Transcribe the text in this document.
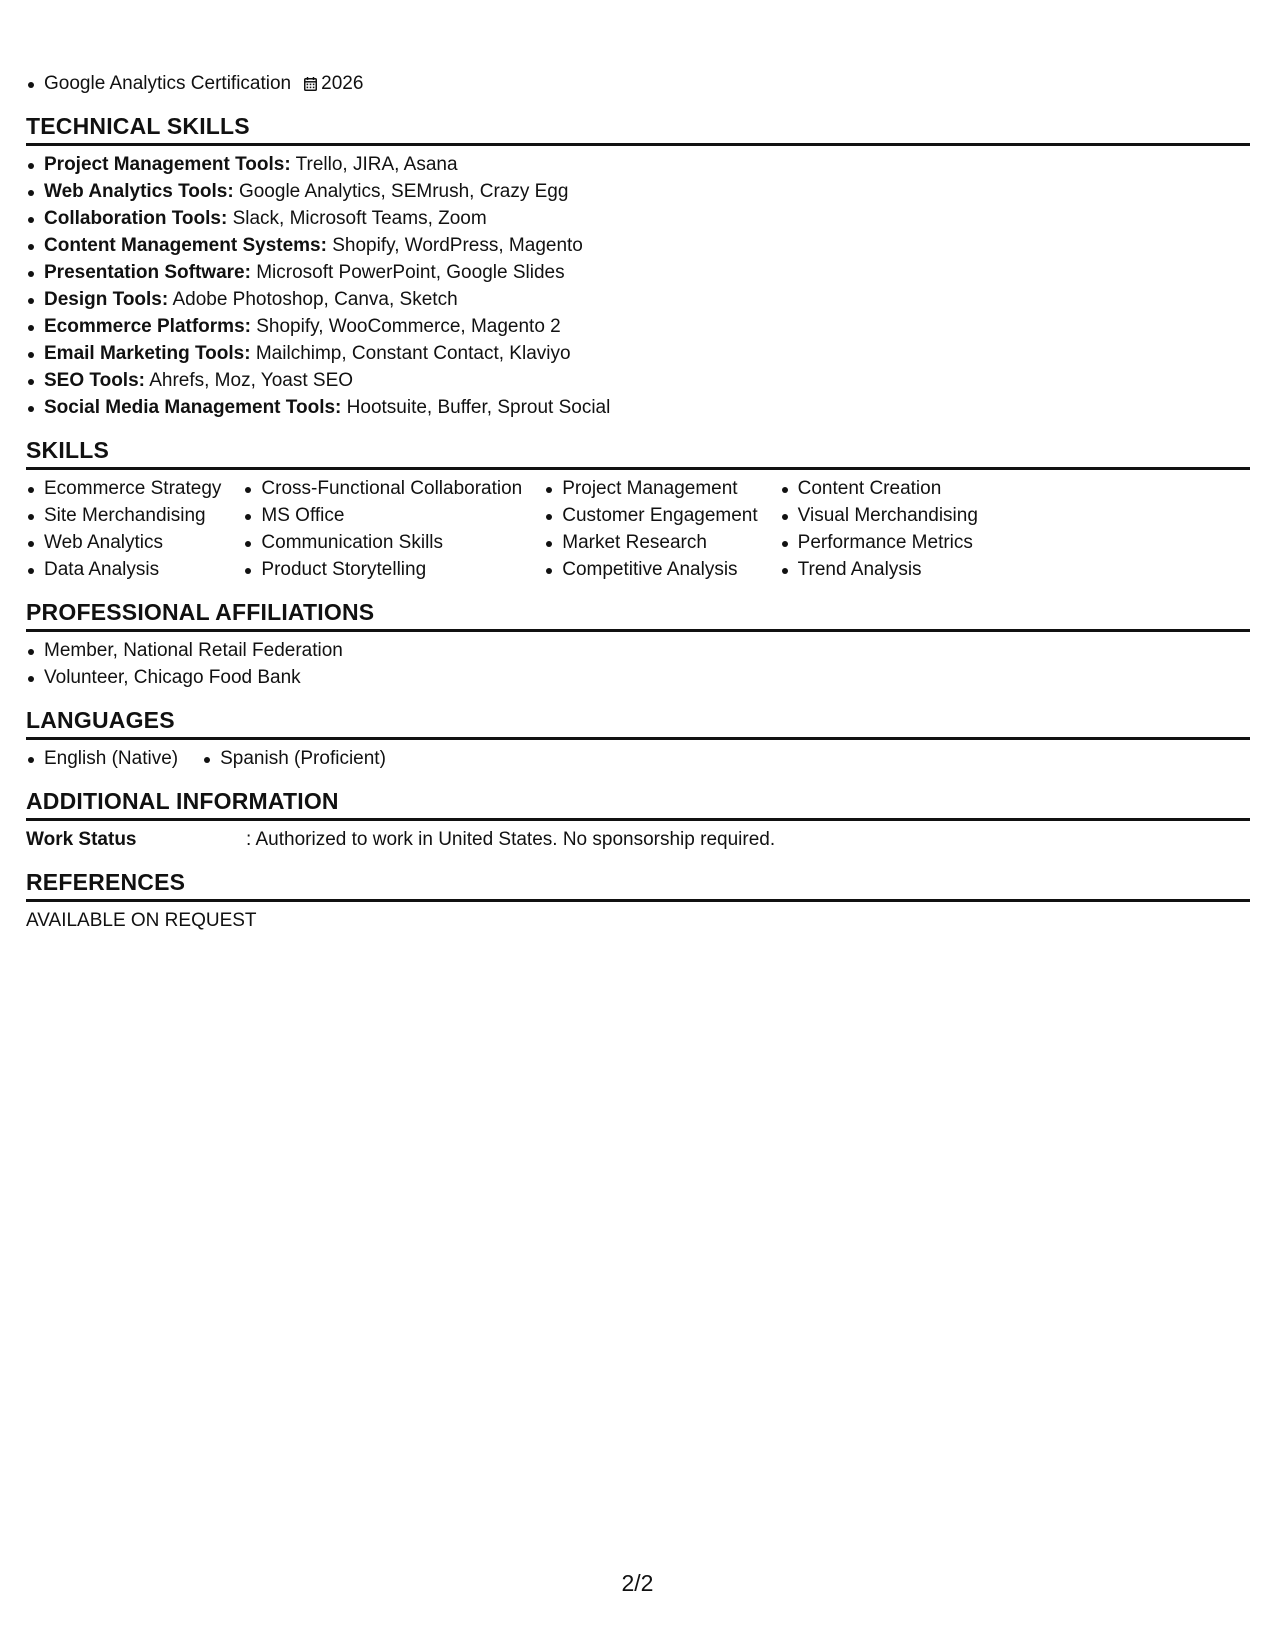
Google Analytics Certification 2026
TECHNICAL SKILLS
Project Management Tools: Trello, JIRA, Asana
Web Analytics Tools: Google Analytics, SEMrush, Crazy Egg
Collaboration Tools: Slack, Microsoft Teams, Zoom
Content Management Systems: Shopify, WordPress, Magento
Presentation Software: Microsoft PowerPoint, Google Slides
Design Tools: Adobe Photoshop, Canva, Sketch
Ecommerce Platforms: Shopify, WooCommerce, Magento 2
Email Marketing Tools: Mailchimp, Constant Contact, Klaviyo
SEO Tools: Ahrefs, Moz, Yoast SEO
Social Media Management Tools: Hootsuite, Buffer, Sprout Social
SKILLS
Ecommerce Strategy
Site Merchandising
Web Analytics
Data Analysis
Cross-Functional Collaboration
MS Office
Communication Skills
Product Storytelling
Project Management
Customer Engagement
Market Research
Competitive Analysis
Content Creation
Visual Merchandising
Performance Metrics
Trend Analysis
PROFESSIONAL AFFILIATIONS
Member, National Retail Federation
Volunteer, Chicago Food Bank
LANGUAGES
English (Native)	Spanish (Proficient)
ADDITIONAL INFORMATION
Work Status	: Authorized to work in United States. No sponsorship required.
REFERENCES
AVAILABLE ON REQUEST
2/2
